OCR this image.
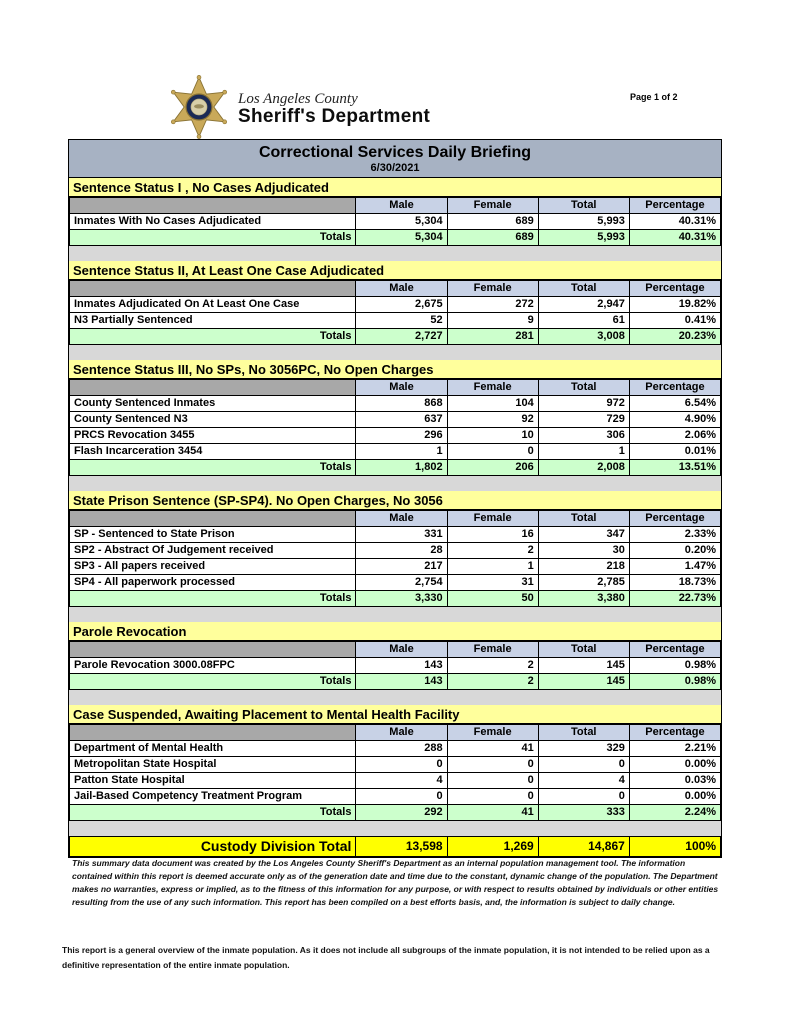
Los Angeles County
Sheriff's Department
Page 1 of 2
Correctional Services Daily Briefing
6/30/2021
Sentence Status I , No Cases Adjudicated
	Male	Female	Total	Percentage
Inmates With No Cases Adjudicated	5,304	689	5,993	40.31%
Totals	5,304	689	5,993	40.31%
Sentence Status II, At Least One Case Adjudicated
	Male	Female	Total	Percentage
Inmates Adjudicated On At Least One Case	2,675	272	2,947	19.82%
N3 Partially Sentenced	52	9	61	0.41%
Totals	2,727	281	3,008	20.23%
Sentence Status III, No SPs, No 3056PC, No Open Charges
	Male	Female	Total	Percentage
County Sentenced Inmates	868	104	972	6.54%
County Sentenced N3	637	92	729	4.90%
PRCS Revocation 3455	296	10	306	2.06%
Flash Incarceration 3454	1	0	1	0.01%
Totals	1,802	206	2,008	13.51%
State Prison Sentence (SP-SP4). No Open Charges, No 3056
	Male	Female	Total	Percentage
SP - Sentenced to State Prison	331	16	347	2.33%
SP2 - Abstract Of Judgement received	28	2	30	0.20%
SP3 - All papers received	217	1	218	1.47%
SP4 - All paperwork processed	2,754	31	2,785	18.73%
Totals	3,330	50	3,380	22.73%
Parole Revocation
	Male	Female	Total	Percentage
Parole Revocation 3000.08FPC	143	2	145	0.98%
Totals	143	2	145	0.98%
Case Suspended, Awaiting Placement to Mental Health Facility
	Male	Female	Total	Percentage
Department of Mental Health	288	41	329	2.21%
Metropolitan State Hospital	0	0	0	0.00%
Patton State Hospital	4	0	4	0.03%
Jail-Based Competency Treatment Program	0	0	0	0.00%
Totals	292	41	333	2.24%
Custody Division Total	13,598	1,269	14,867	100%
This summary data document was created by the Los Angeles County Sheriff's Department as an internal population management tool. The information contained within this report is deemed accurate only as of the generation date and time due to the constant, dynamic change of the population. The Department makes no warranties, express or implied, as to the fitness of this information for any purpose, or with respect to results obtained by individuals or other entities resulting from the use of any such information. This report has been compiled on a best efforts basis, and, the information is subject to daily change.
This report is a general overview of the inmate population. As it does not include all subgroups of the inmate population, it is not intended to be relied upon as a definitive representation of the entire inmate population.
